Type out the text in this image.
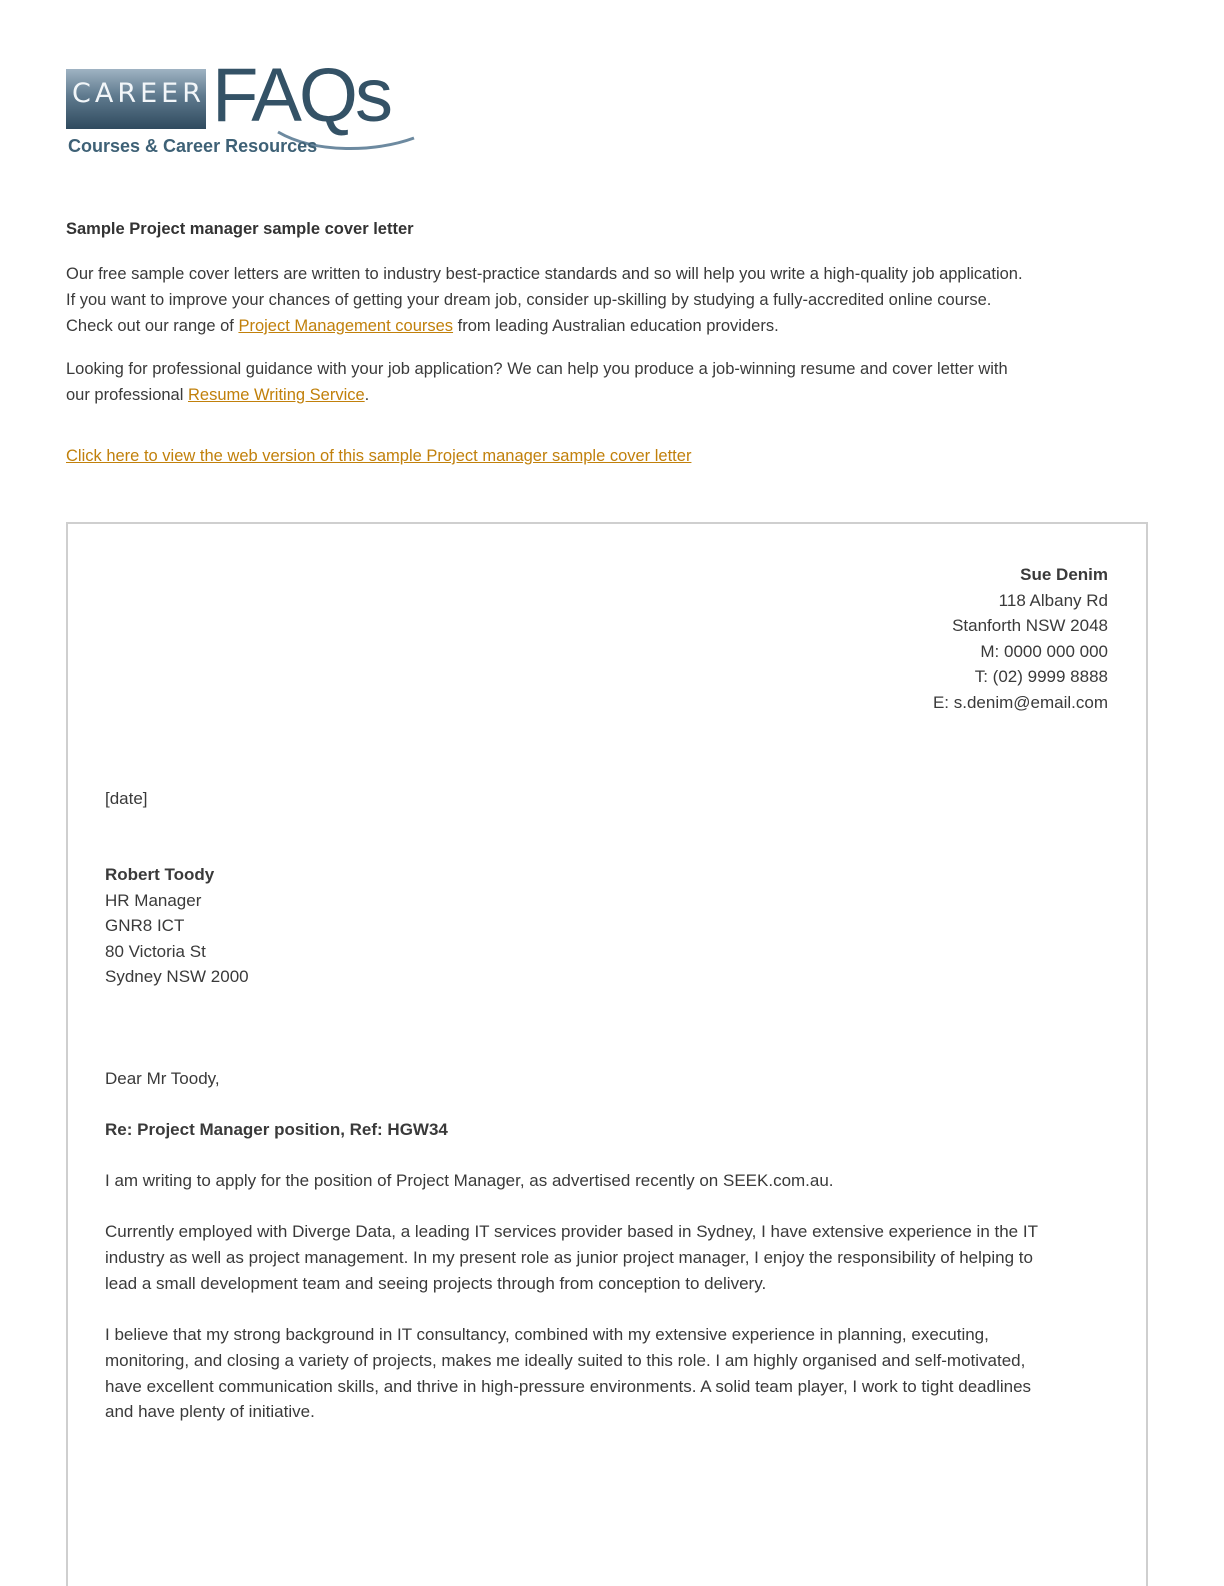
CAREER FAQs
Courses & Career Resources
Sample Project manager sample cover letter

Our free sample cover letters are written to industry best-practice standards and so will help you write a high-quality job application.
If you want to improve your chances of getting your dream job, consider up-skilling by studying a fully-accredited online course.
Check out our range of Project Management courses from leading Australian education providers.

Looking for professional guidance with your job application? We can help you produce a job-winning resume and cover letter with
our professional Resume Writing Service.

Click here to view the web version of this sample Project manager sample cover letter
Sue Denim
118 Albany Rd
Stanforth NSW 2048
M: 0000 000 000
T: (02) 9999 8888
E: s.denim@email.com
[date]
Robert Toody
HR Manager
GNR8 ICT
80 Victoria St
Sydney NSW 2000
Dear Mr Toody,
Re: Project Manager position, Ref: HGW34

I am writing to apply for the position of Project Manager, as advertised recently on SEEK.com.au.

Currently employed with Diverge Data, a leading IT services provider based in Sydney, I have extensive experience in the IT
industry as well as project management. In my present role as junior project manager, I enjoy the responsibility of helping to
lead a small development team and seeing projects through from conception to delivery.

I believe that my strong background in IT consultancy, combined with my extensive experience in planning, executing,
monitoring, and closing a variety of projects, makes me ideally suited to this role. I am highly organised and self-motivated,
have excellent communication skills, and thrive in high-pressure environments. A solid team player, I work to tight deadlines
and have plenty of initiative.
